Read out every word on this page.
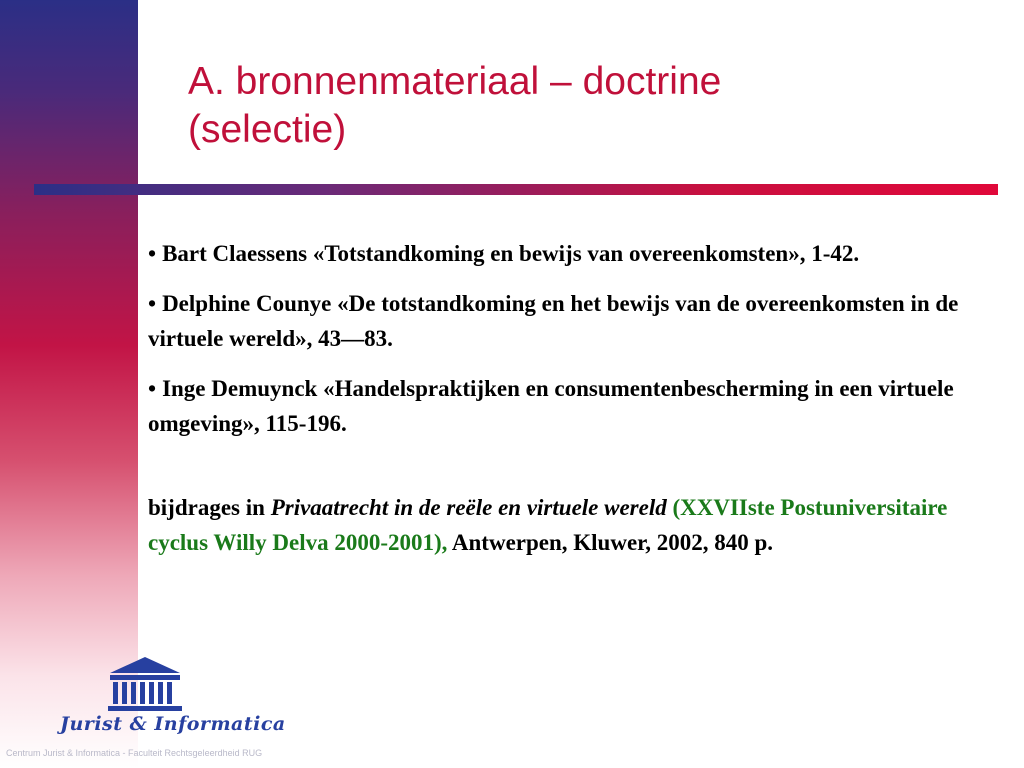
A. bronnenmateriaal – doctrine
(selectie)

• Bart Claessens «Totstandkoming en bewijs van overeenkomsten», 1-42.

• Delphine Counye «De totstandkoming en het bewijs van de overeenkomsten in de virtuele wereld», 43—83.

• Inge Demuynck «Handelspraktijken en consumentenbescherming in een virtuele omgeving», 115-196.

bijdrages in Privaatrecht in de reële en virtuele wereld (XXVIIste Postuniversitaire cyclus Willy Delva 2000-2001), Antwerpen, Kluwer, 2002, 840 p.

Jurist & Informatica
Centrum Jurist & Informatica - Faculteit Rechtsgeleerdheid RUG
